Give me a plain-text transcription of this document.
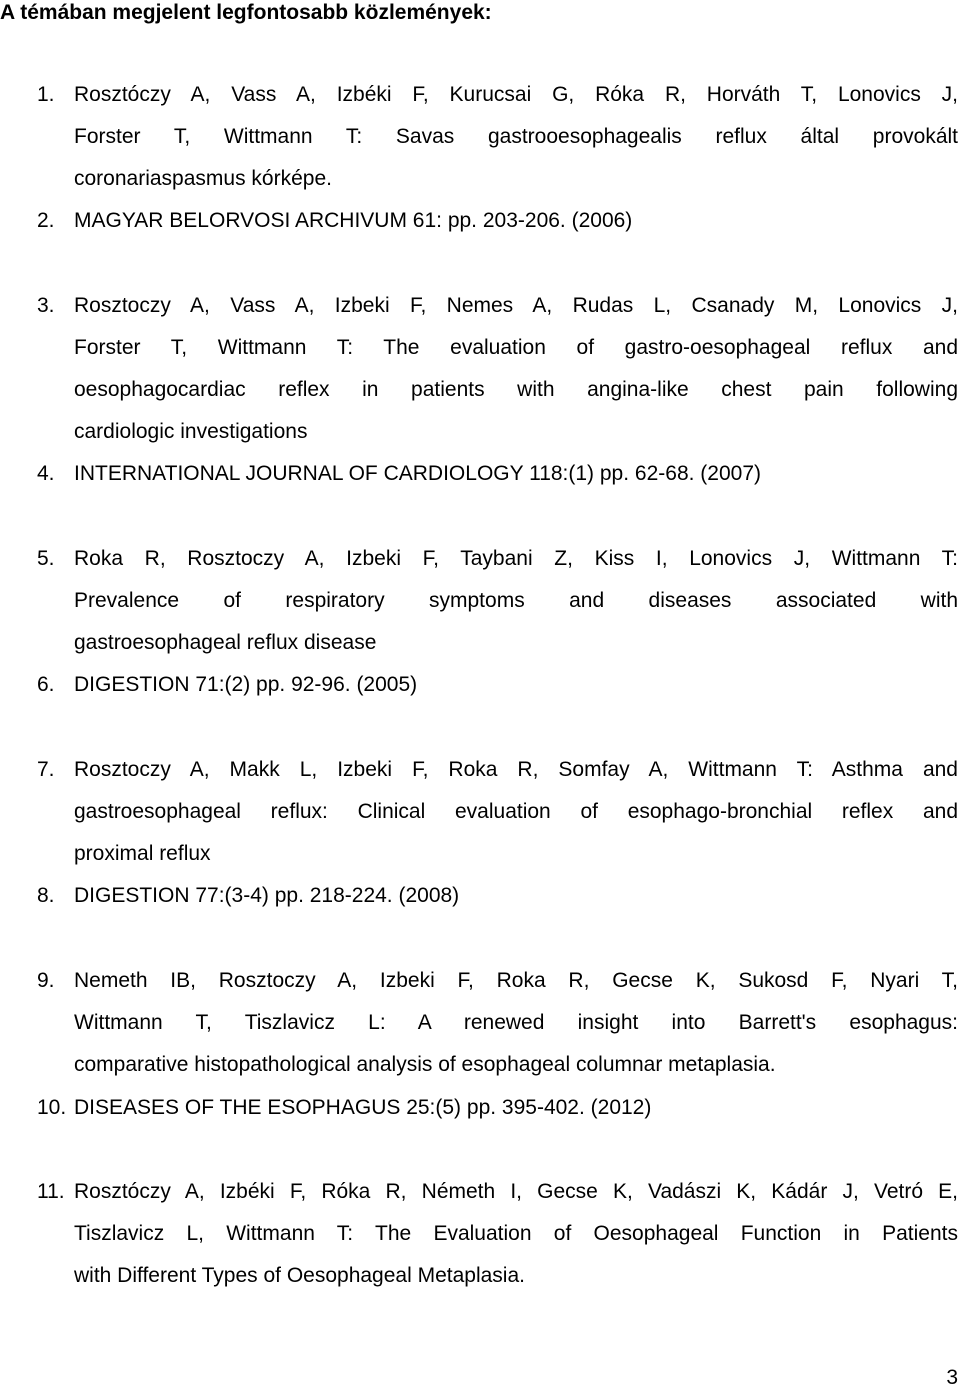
A témában megjelent legfontosabb közlemények:
1. Rosztóczy A, Vass A, Izbéki F, Kurucsai G, Róka R, Horváth T, Lonovics J,
Forster T, Wittmann T: Savas gastrooesophagealis reflux által provokált
coronariaspasmus kórképe.
2. MAGYAR BELORVOSI ARCHIVUM 61: pp. 203-206. (2006)
3. Rosztoczy A, Vass A, Izbeki F, Nemes A, Rudas L, Csanady M, Lonovics J,
Forster T, Wittmann T: The evaluation of gastro-oesophageal reflux and
oesophagocardiac reflex in patients with angina-like chest pain following
cardiologic investigations
4. INTERNATIONAL JOURNAL OF CARDIOLOGY 118:(1) pp. 62-68. (2007)
5. Roka R, Rosztoczy A, Izbeki F, Taybani Z, Kiss I, Lonovics J, Wittmann T:
Prevalence of respiratory symptoms and diseases associated with
gastroesophageal reflux disease
6. DIGESTION 71:(2) pp. 92-96. (2005)
7. Rosztoczy A, Makk L, Izbeki F, Roka R, Somfay A, Wittmann T: Asthma and
gastroesophageal reflux: Clinical evaluation of esophago-bronchial reflex and
proximal reflux
8. DIGESTION 77:(3-4) pp. 218-224. (2008)
9. Nemeth IB, Rosztoczy A, Izbeki F, Roka R, Gecse K, Sukosd F, Nyari T,
Wittmann T, Tiszlavicz L: A renewed insight into Barrett's esophagus:
comparative histopathological analysis of esophageal columnar metaplasia.
10. DISEASES OF THE ESOPHAGUS 25:(5) pp. 395-402. (2012)
11. Rosztóczy A, Izbéki F, Róka R, Németh I, Gecse K, Vadászi K, Kádár J, Vetró E,
Tiszlavicz L, Wittmann T: The Evaluation of Oesophageal Function in Patients
with Different Types of Oesophageal Metaplasia.
3
